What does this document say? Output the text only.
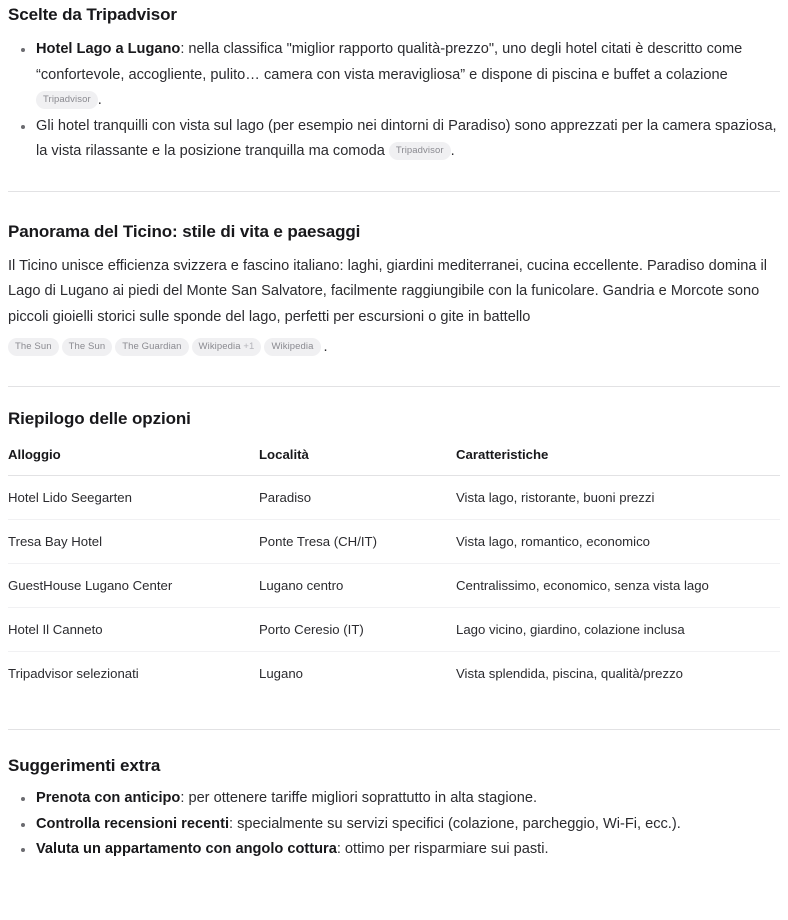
Scelte da Tripadvisor
Hotel Lago a Lugano: nella classifica "miglior rapporto qualità-prezzo", uno degli hotel citati è descritto come “confortevole, accogliente, pulito… camera con vista meravigliosa” e dispone di piscina e buffet a colazione Tripadvisor .
Gli hotel tranquilli con vista sul lago (per esempio nei dintorni di Paradiso) sono apprezzati per la camera spaziosa, la vista rilassante e la posizione tranquilla ma comoda Tripadvisor .
Panorama del Ticino: stile di vita e paesaggi

Il Ticino unisce efficienza svizzera e fascino italiano: laghi, giardini mediterranei, cucina eccellente. Paradiso domina il Lago di Lugano ai piedi del Monte San Salvatore, facilmente raggiungibile con la funicolare. Gandria e Morcote sono piccoli gioielli storici sulle sponde del lago, perfetti per escursioni o gite in battello

The Sun The Sun The Guardian Wikipedia +1 Wikipedia .
Riepilogo delle opzioni
Alloggio	Località	Caratteristiche
Hotel Lido Seegarten	Paradiso	Vista lago, ristorante, buoni prezzi
Tresa Bay Hotel	Ponte Tresa (CH/IT)	Vista lago, romantico, economico
GuestHouse Lugano Center	Lugano centro	Centralissimo, economico, senza vista lago
Hotel Il Canneto	Porto Ceresio (IT)	Lago vicino, giardino, colazione inclusa
Tripadvisor selezionati	Lugano	Vista splendida, piscina, qualità/prezzo
Suggerimenti extra
Prenota con anticipo: per ottenere tariffe migliori soprattutto in alta stagione.
Controlla recensioni recenti: specialmente su servizi specifici (colazione, parcheggio, Wi-Fi, ecc.).
Valuta un appartamento con angolo cottura: ottimo per risparmiare sui pasti.
